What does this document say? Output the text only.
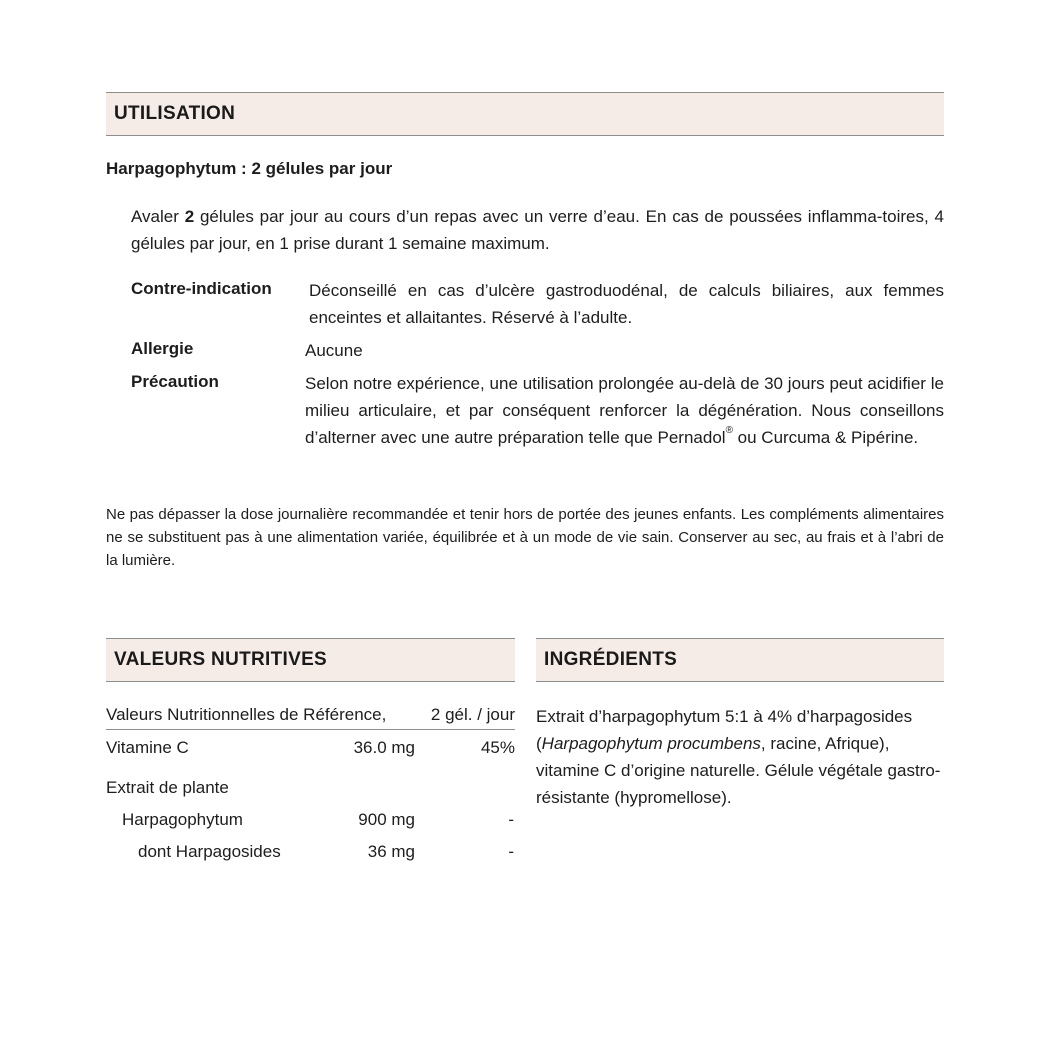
UTILISATION
Harpagophytum : 2 gélules par jour

Avaler 2 gélules par jour au cours d’un repas avec un verre d’eau. En cas de poussées inflamma-toires, 4 gélules par jour, en 1 prise durant 1 semaine maximum.

Contre-indication Déconseillé en cas d’ulcère gastroduodénal, de calculs biliaires, aux femmes enceintes et allaitantes. Réservé à l’adulte.

Allergie	Aucune

Précaution	Selon notre expérience, une utilisation prolongée au-delà de 30 jours peut acidifier le milieu articulaire, et par conséquent renforcer la dégénération. Nous conseillons d’alterner avec une autre préparation telle que Pernadol® ou Curcuma & Pipérine.

Ne pas dépasser la dose journalière recommandée et tenir hors de portée des jeunes enfants. Les compléments alimentaires ne se substituent pas à une alimentation variée, équilibrée et à un mode de vie sain. Conserver au sec, au frais et à l’abri de la lumière.

VALEURS NUTRITIVES
Valeurs Nutritionnelles de Référence,	2 gél. / jour
Vitamine C	36.0 mg	45%
Extrait de plante
Harpagophytum	900 mg	-
dont Harpagosides	36 mg	-
INGRÉDIENTS

Extrait d’harpagophytum 5:1 à 4% d’harpagosides (Harpagophytum procumbens, racine, Afrique), vitamine C d’origine naturelle. Gélule végétale gastro-résistante (hypromellose).
